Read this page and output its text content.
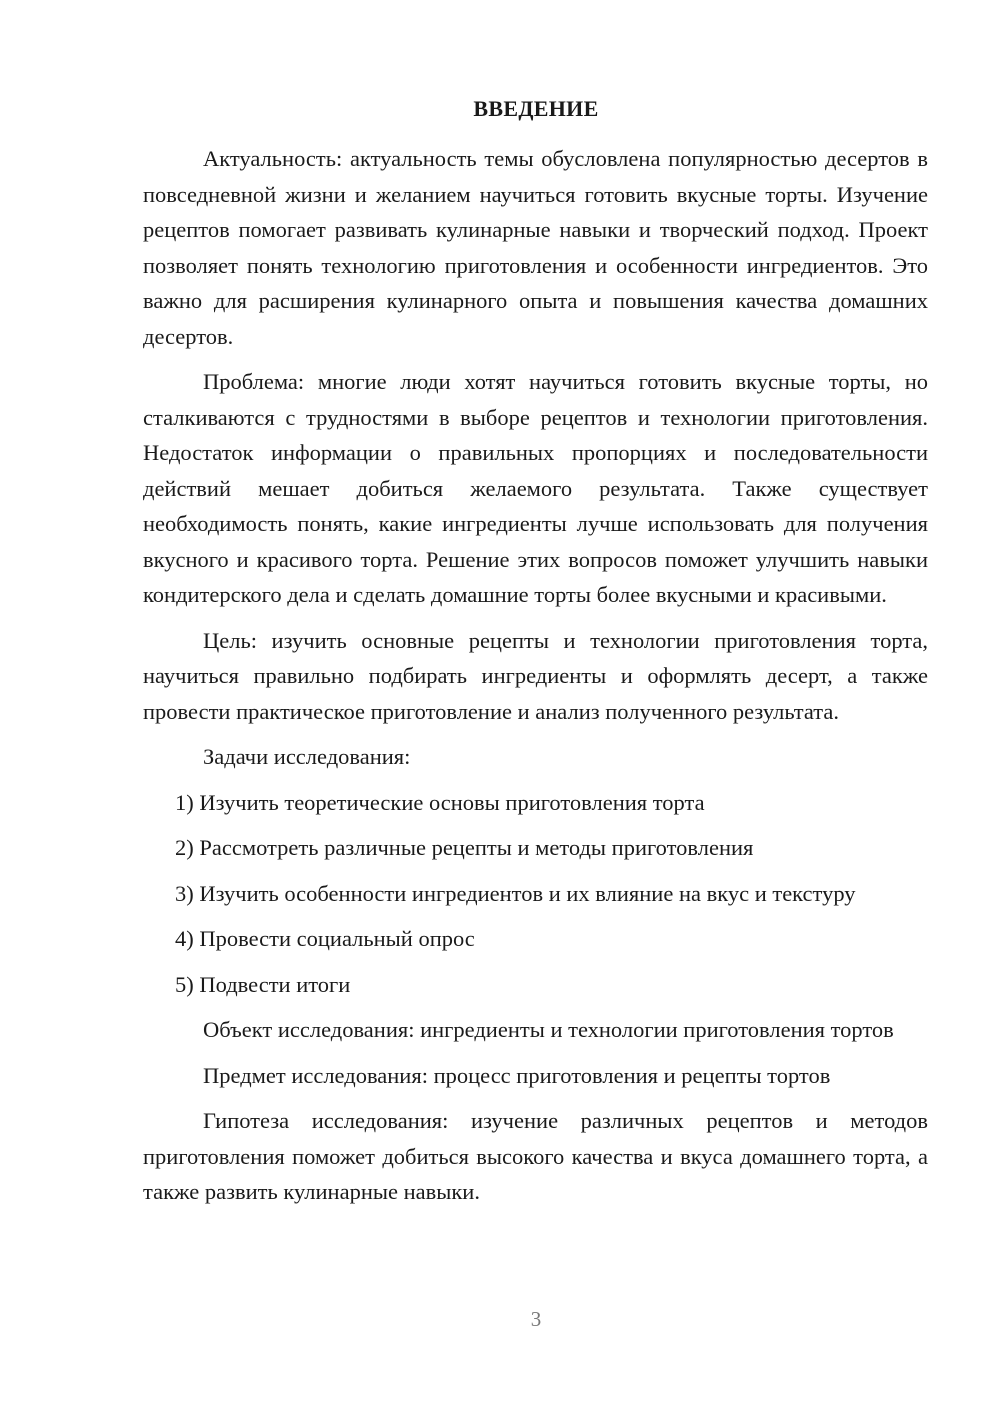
ВВЕДЕНИЕ

Актуальность: актуальность темы обусловлена популярностью десертов в повседневной жизни и желанием научиться готовить вкусные торты. Изучение рецептов помогает развивать кулинарные навыки и творческий подход. Проект позволяет понять технологию приготовления и особенности ингредиентов. Это важно для расширения кулинарного опыта и повышения качества домашних десертов.

Проблема: многие люди хотят научиться готовить вкусные торты, но сталкиваются с трудностями в выборе рецептов и технологии приготовления. Недостаток информации о правильных пропорциях и последовательности действий мешает добиться желаемого результата. Также существует необходимость понять, какие ингредиенты лучше использовать для получения вкусного и красивого торта. Решение этих вопросов поможет улучшить навыки кондитерского дела и сделать домашние торты более вкусными и красивыми.

Цель: изучить основные рецепты и технологии приготовления торта, научиться правильно подбирать ингредиенты и оформлять десерт, а также провести практическое приготовление и анализ полученного результата.

Задачи исследования:

1) Изучить теоретические основы приготовления торта

2) Рассмотреть различные рецепты и методы приготовления

3) Изучить особенности ингредиентов и их влияние на вкус и текстуру

4) Провести социальный опрос

5) Подвести итоги

Объект исследования: ингредиенты и технологии приготовления тортов

Предмет исследования: процесс приготовления и рецепты тортов

Гипотеза исследования: изучение различных рецептов и методов приготовления поможет добиться высокого качества и вкуса домашнего торта, а также развить кулинарные навыки.

3
